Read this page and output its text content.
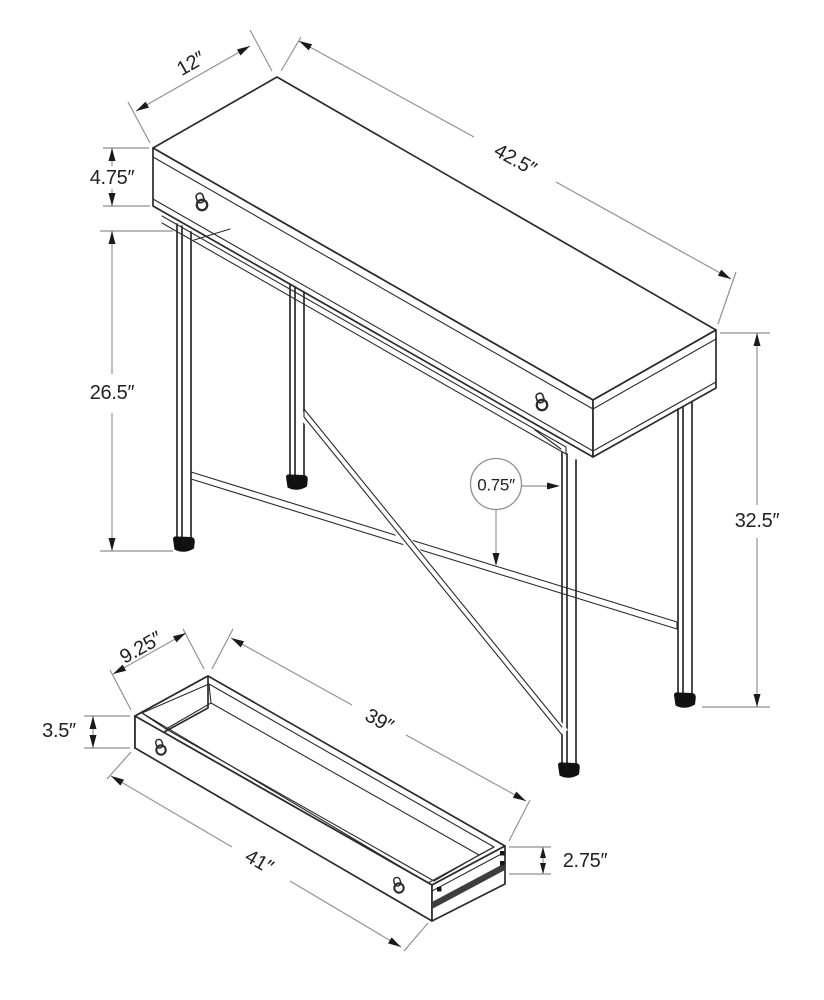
12″
42.5″
4.75″
26.5″
32.5″
0.75″
9.25″
39″
3.5″
41″	2.75″
